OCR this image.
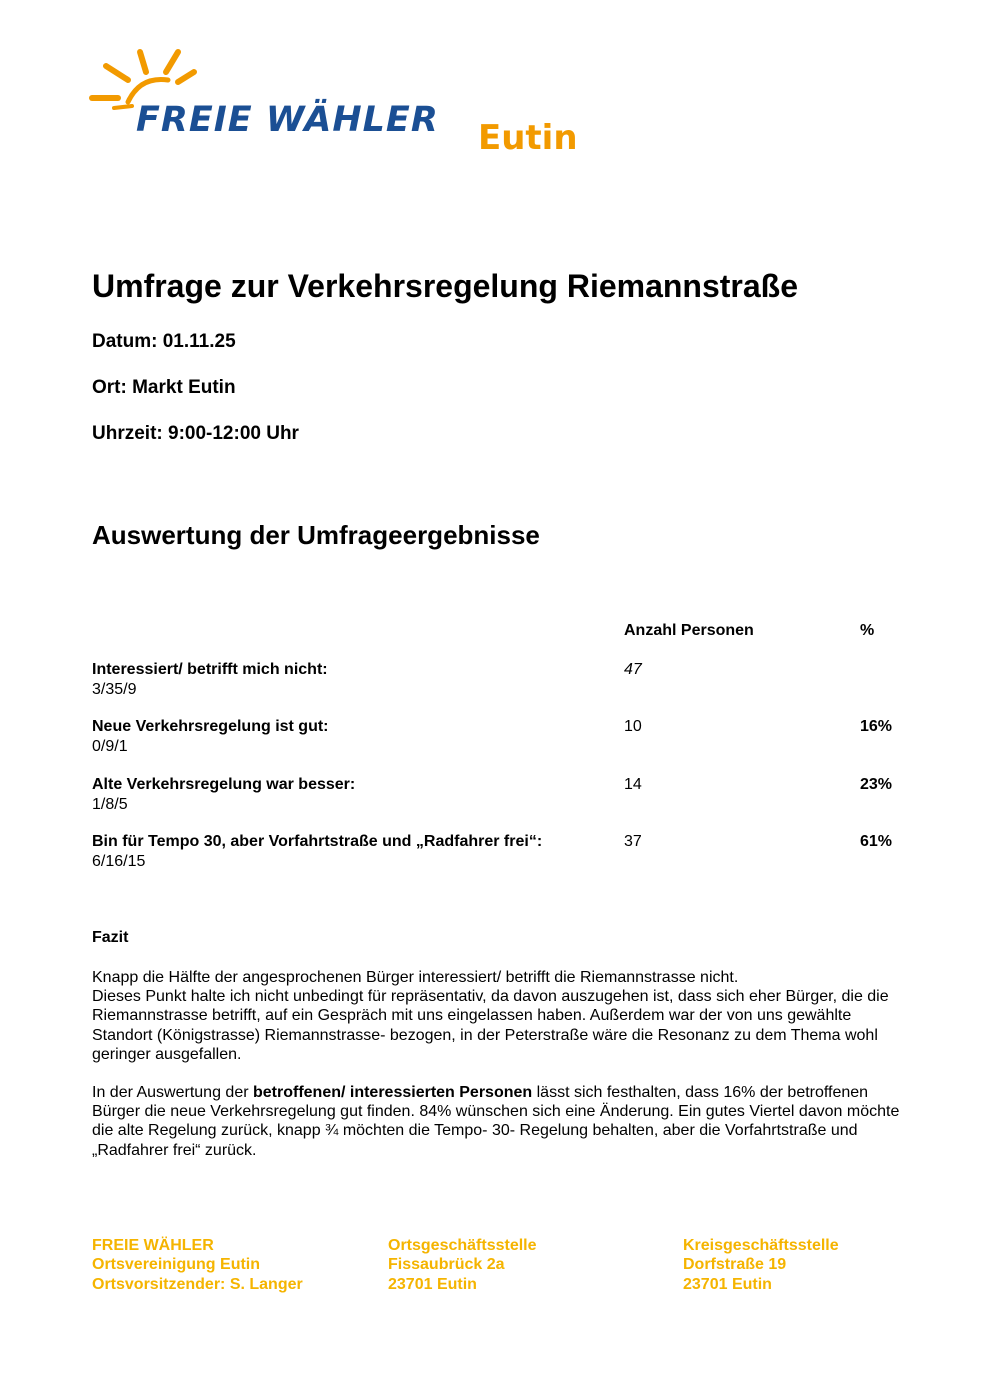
FREIE WÄHLER Eutin
Umfrage zur Verkehrsregelung Riemannstraße
Datum: 01.11.25
Ort: Markt Eutin
Uhrzeit: 9:00-12:00 Uhr
Auswertung der Umfrageergebnisse
Anzahl Personen	%
Interessiert/ betrifft mich nicht:
3/35/9
47
Neue Verkehrsregelung ist gut:
0/9/1
10	16%
Alte Verkehrsregelung war besser:
1/8/5
14	23%
Bin für Tempo 30, aber Vorfahrtstraße und „Radfahrer frei“:
6/16/15
37	61%
Fazit
Knapp die Hälfte der angesprochenen Bürger interessiert/ betrifft die Riemannstrasse nicht.
Dieses Punkt halte ich nicht unbedingt für repräsentativ, da davon auszugehen ist, dass sich eher Bürger, die die Riemannstrasse betrifft, auf ein Gespräch mit uns eingelassen haben. Außerdem war der von uns gewählte Standort (Königstrasse) Riemannstrasse- bezogen, in der Peterstraße wäre die Resonanz zu dem Thema wohl geringer ausgefallen.
In der Auswertung der betroffenen/ interessierten Personen lässt sich festhalten, dass 16% der betroffenen Bürger die neue Verkehrsregelung gut finden. 84% wünschen sich eine Änderung. Ein gutes Viertel davon möchte die alte Regelung zurück, knapp ¾ möchten die Tempo- 30- Regelung behalten, aber die Vorfahrtstraße und „Radfahrer frei“ zurück.
FREIE WÄHLER
Ortsvereinigung Eutin
Ortsvorsitzender: S. Langer
Ortsgeschäftsstelle
Fissaubrück 2a
23701 Eutin
Kreisgeschäftsstelle
Dorfstraße 19
23701 Eutin
